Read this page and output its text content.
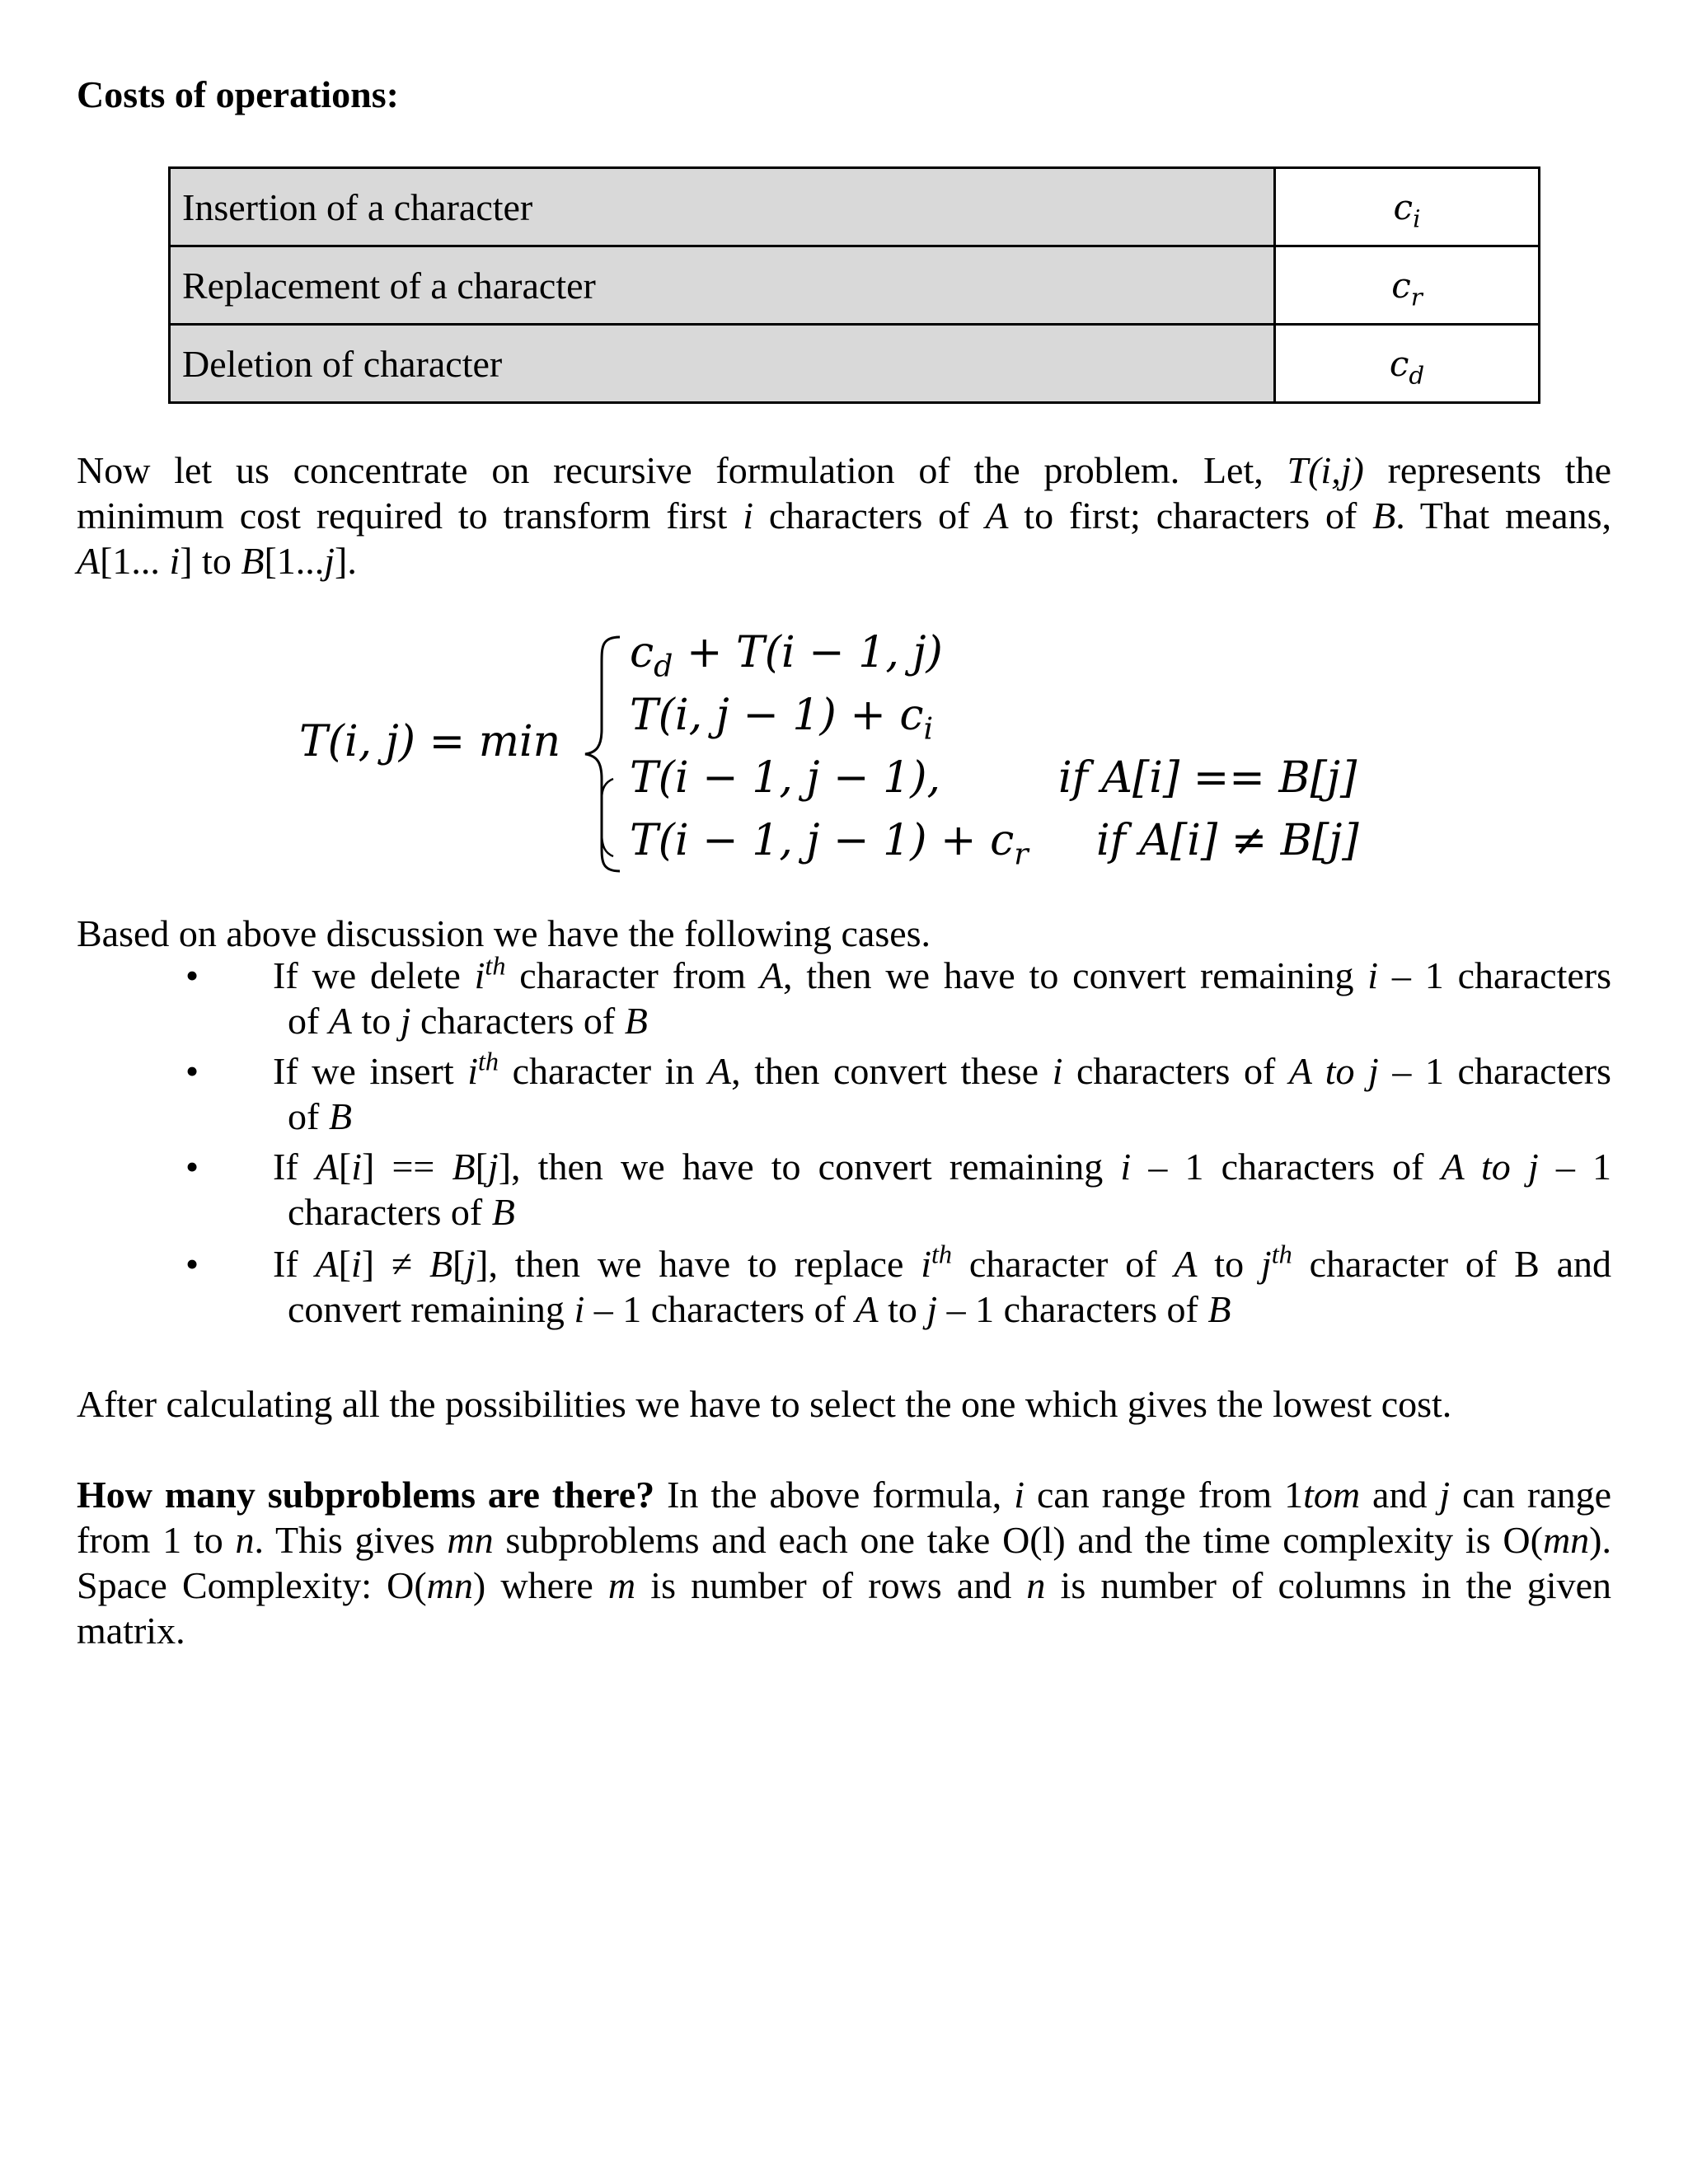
Costs of operations:
Insertion of a character	$c_i$
Replacement of a character	$c_r$
Deletion of character	$c_d$
Now let us concentrate on recursive formulation of the problem. Let, T(i,j) represents the
minimum cost required to transform first i characters of A to first; characters of B. That means,
A[1... i] to B[1...j].
T(i, j) = min
$c_d + T(i - 1$, j)
T(i, $j - 1) + c_i$
T(i − 1, j − 1),	if A[i] == B[j]
T(i − 1, $j - 1) + c_r$ if A[i] ≠ B[j]
Based on above discussion we have the following cases.
• If we delete $i^{th}$ character from A, then we have to convert remaining i – 1 characters
of A to j characters of B
• If we insert $i^{th}$ character in A, then convert these i characters of A to j – 1 characters
of B
• If A[i] == B[j], then we have to convert remaining i – 1 characters of A to j – 1
characters of B
• If A[i] ≠ B[j], then we have to replace $i^{th}$ character of A to $j^{th}$ character of B and
convert remaining i – 1 characters of A to j – 1 characters of B
After calculating all the possibilities we have to select the one which gives the lowest cost.
How many subproblems are there? In the above formula, i can range from 1tom and j can range
from 1 to n. This gives mn subproblems and each one take O(l) and the time complexity is O(mn).
Space Complexity: O(mn) where m is number of rows and n is number of columns in the given
matrix.
